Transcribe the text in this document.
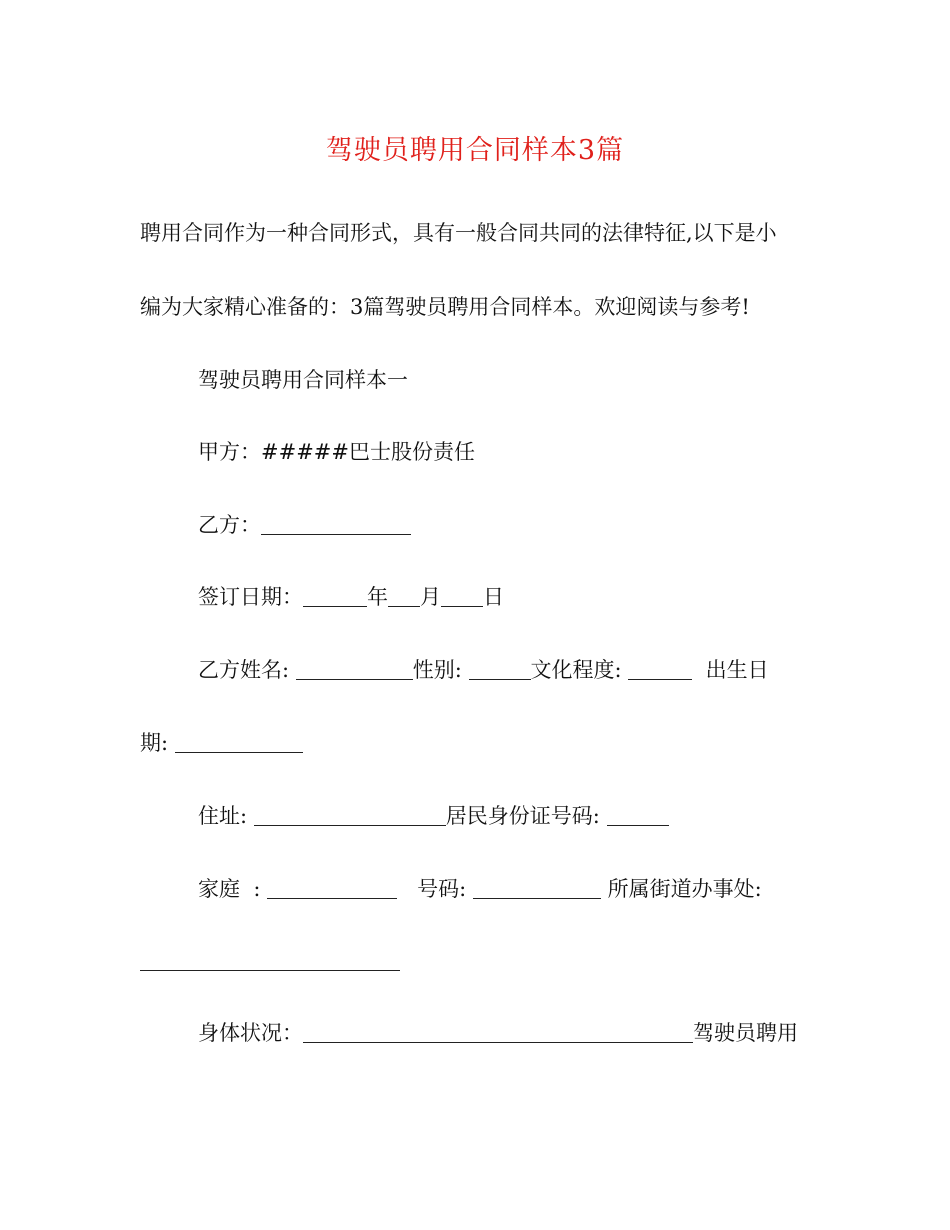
驾驶员聘用合同样本3篇
聘用合同作为一种合同形式，具有一般合同共同的法律特征,以下是小
编为大家精心准备的：3篇驾驶员聘用合同样本。欢迎阅读与参考!
驾驶员聘用合同样本一
甲方：#####巴士股份责任
乙方：
签订日期：	年 月 日
乙方姓名:	性别:	文化程度:	出生日
期:
住址:	居民身份证号码:
家庭  :	号码:	所属街道办事处:
身体状况：	驾驶员聘用
